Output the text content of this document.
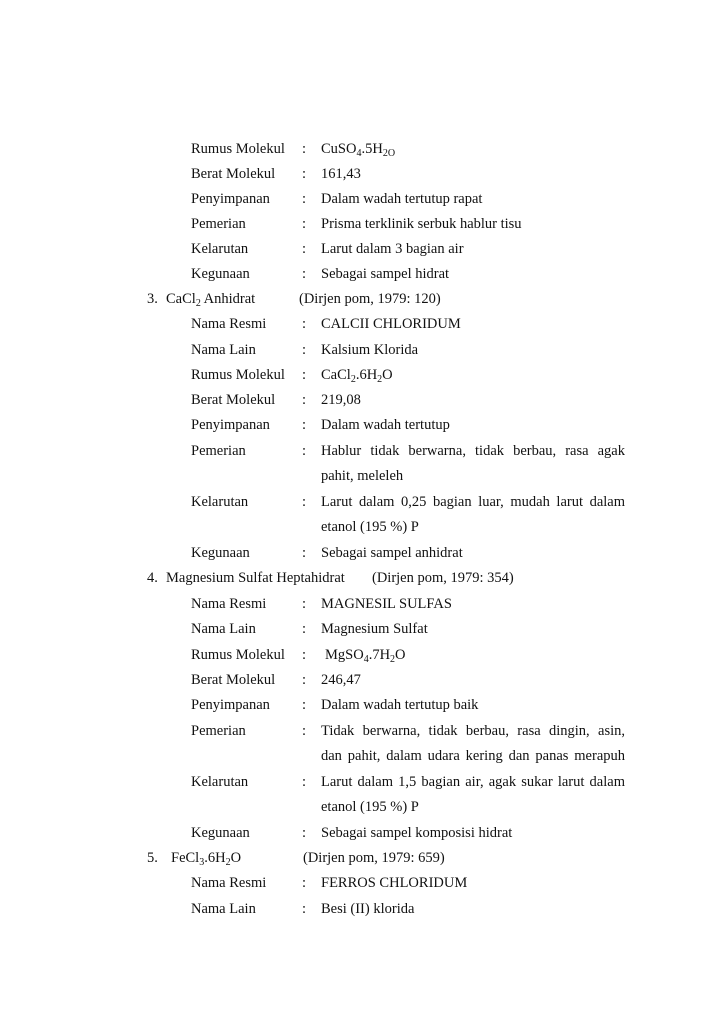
Rumus Molekul : $CuSO_4.5H_{2O}$
Berat Molekul : 161,43
Penyimpanan : Dalam wadah tertutup rapat
Pemerian	: Prisma terklinik serbuk hablur tisu
Kelarutan	: Larut dalam 3 bagian air
Kegunaan	: Sebagai sampel hidrat
3. CaCl$_2$ Anhidrat	(Dirjen pom, 1979: 120)
Nama Resmi : CALCII CHLORIDUM
Nama Lain	: Kalsium Klorida
Rumus Molekul : $CaCl_2.6H_2O$
Berat Molekul : 219,08
Penyimpanan : Dalam wadah tertutup
Pemerian	: Hablur tidak berwarna, tidak berbau, rasa agak
pahit, meleleh
Kelarutan	: Larut dalam 0,25 bagian luar, mudah larut dalam
etanol (195 %) P
Kegunaan	: Sebagai sampel anhidrat
4. Magnesium Sulfat Heptahidrat (Dirjen pom, 1979: 354)
Nama Resmi : MAGNESIL SULFAS
Nama Lain	: Magnesium Sulfat
Rumus Molekul : $MgSO_4.7H_2O$
Berat Molekul : 246,47
Penyimpanan : Dalam wadah tertutup baik
Pemerian	: Tidak berwarna, tidak berbau, rasa dingin, asin,
dan pahit, dalam udara kering dan panas merapuh
Kelarutan	: Larut dalam 1,5 bagian air, agak sukar larut dalam
etanol (195 %) P
Kegunaan	: Sebagai sampel komposisi hidrat
5. $FeCl_3.6H_2O$	(Dirjen pom, 1979: 659)
Nama Resmi : FERROS CHLORIDUM
Nama Lain	: Besi (II) klorida
